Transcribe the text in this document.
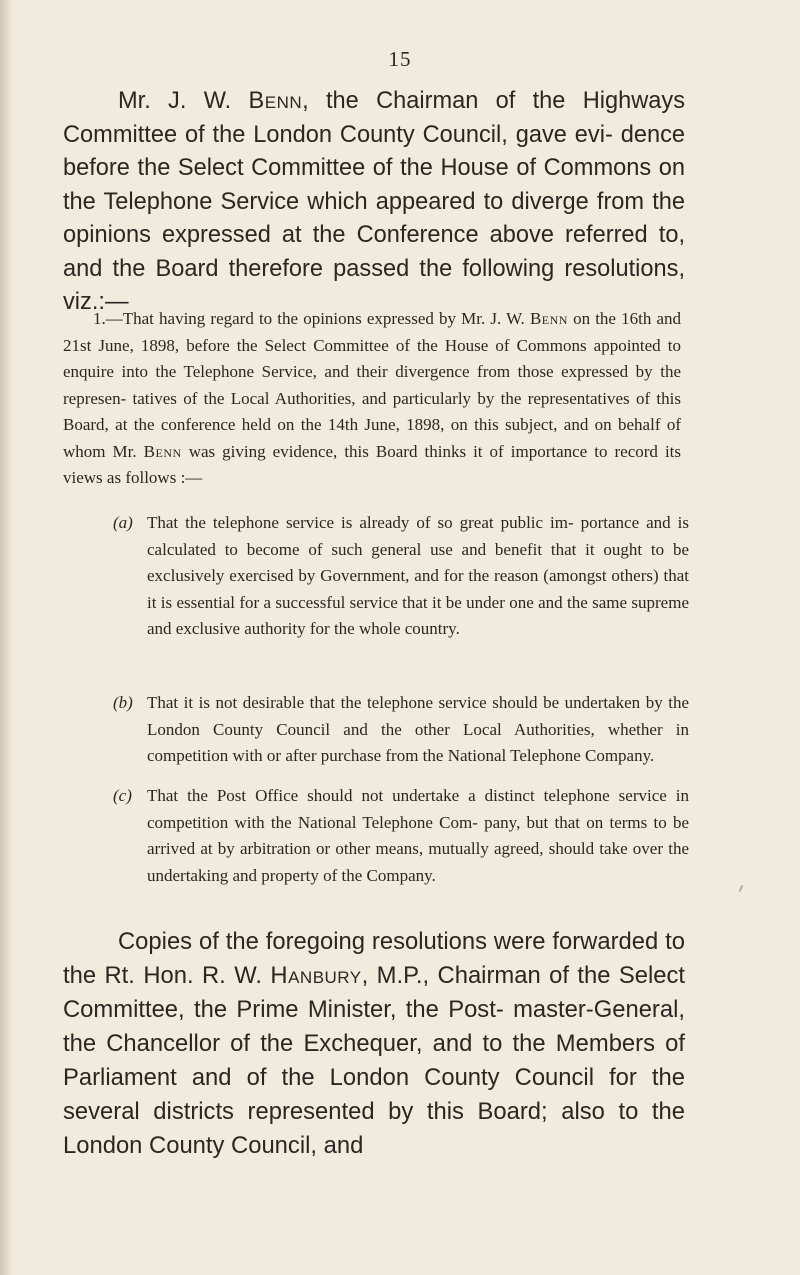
15
Mr. J. W. Benn, the Chairman of the Highways Committee of the London County Council, gave evi- dence before the Select Committee of the House of Commons on the Telephone Service which appeared to diverge from the opinions expressed at the Conference above referred to, and the Board therefore passed the following resolutions, viz.:—
1.—That having regard to the opinions expressed by Mr. J. W. Benn on the 16th and 21st June, 1898, before the Select Committee of the House of Commons appointed to enquire into the Telephone Service, and their divergence from those expressed by the represen- tatives of the Local Authorities, and particularly by the representatives of this Board, at the conference held on the 14th June, 1898, on this subject, and on behalf of whom Mr. Benn was giving evidence, this Board thinks it of importance to record its views as follows :—
(a) That the telephone service is already of so great public im- portance and is calculated to become of such general use and benefit that it ought to be exclusively exercised by Government, and for the reason (amongst others) that it is essential for a successful service that it be under one and the same supreme and exclusive authority for the whole country.
(b) That it is not desirable that the telephone service should be undertaken by the London County Council and the other Local Authorities, whether in competition with or after purchase from the National Telephone Company.
(c) That the Post Office should not undertake a distinct telephone service in competition with the National Telephone Com- pany, but that on terms to be arrived at by arbitration or other means, mutually agreed, should take over the undertaking and property of the Company.
Copies of the foregoing resolutions were forwarded to the Rt. Hon. R. W. Hanbury, M.P., Chairman of the Select Committee, the Prime Minister, the Post- master-General, the Chancellor of the Exchequer, and to the Members of Parliament and of the London County Council for the several districts represented by this Board; also to the London County Council, and
